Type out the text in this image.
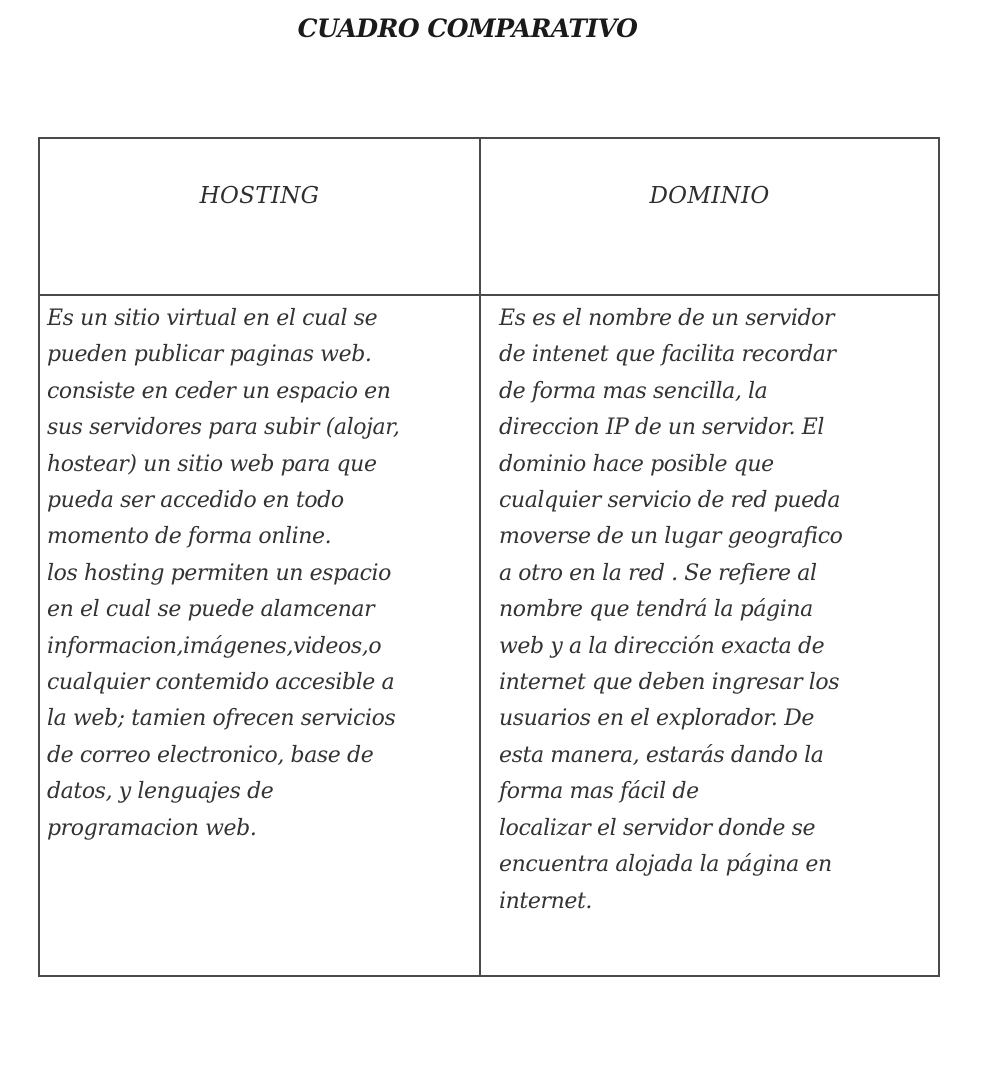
CUADRO COMPARATIVO
HOSTING	DOMINIO
Es un sitio virtual en el cual se
pueden publicar paginas web.
consiste en ceder un espacio en
sus servidores para subir (alojar,
hostear) un sitio web para que
pueda ser accedido en todo
momento de forma online.
los hosting permiten un espacio
en el cual se puede alamcenar
informacion,imágenes,videos,o
cualquier contemido accesible a
la web; tamien ofrecen servicios
de correo electronico, base de
datos, y lenguajes de
programacion web.
Es es el nombre de un servidor
de intenet que facilita recordar
de forma mas sencilla, la
direccion IP de un servidor. El
dominio hace posible que
cualquier servicio de red pueda
moverse de un lugar geografico
a otro en la red . Se refiere al
nombre que tendrá la página
web y a la dirección exacta de
internet que deben ingresar los
usuarios en el explorador. De
esta manera, estarás dando la
forma mas fácil de
localizar el servidor donde se
encuentra alojada la página en
internet.
